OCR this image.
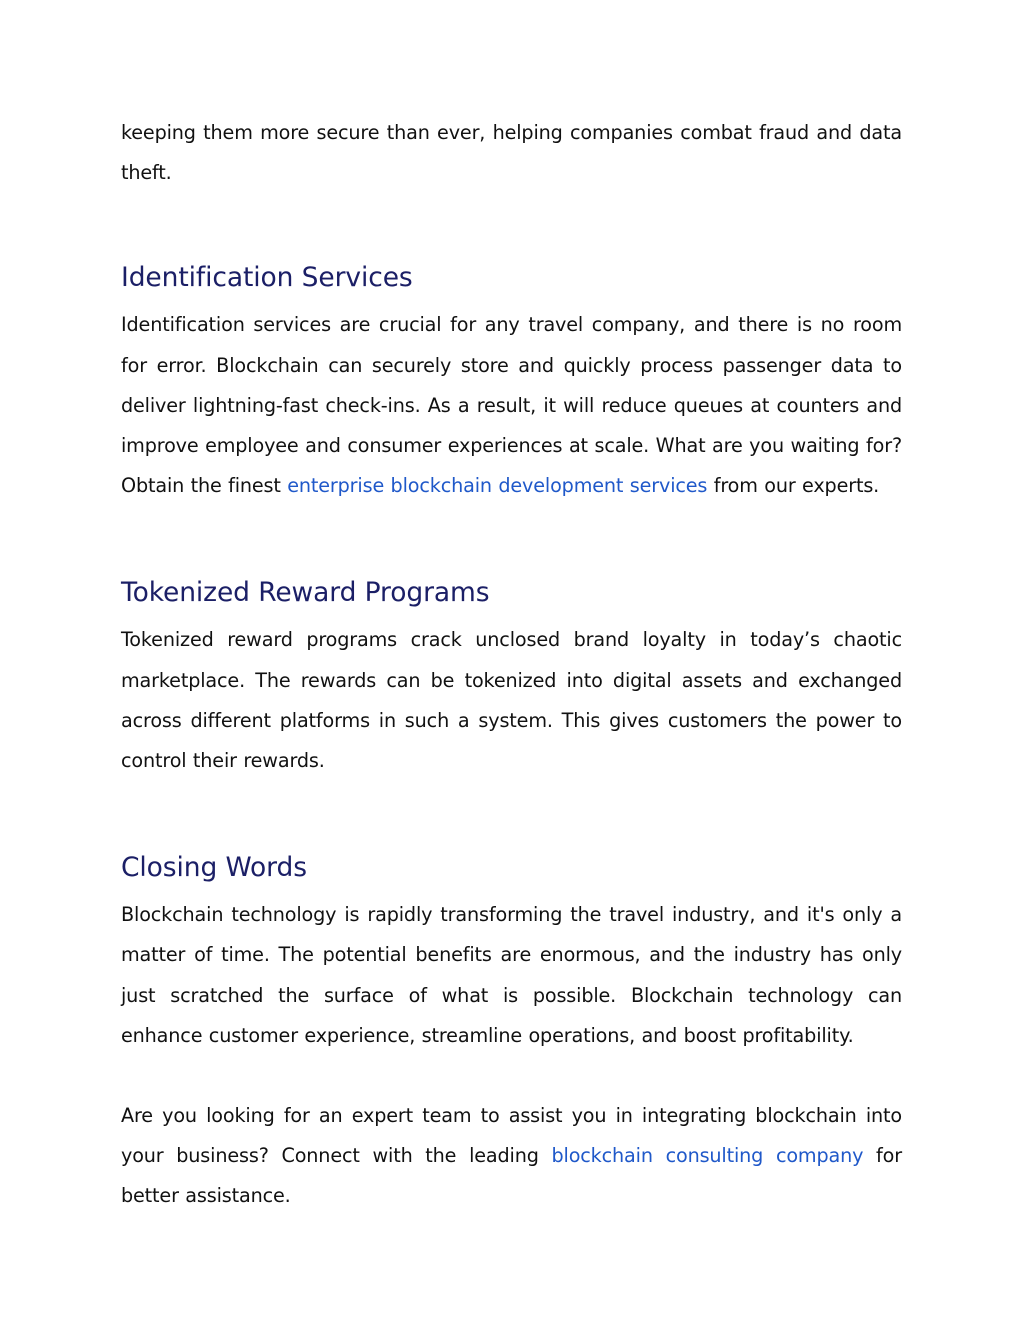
keeping them more secure than ever, helping companies combat fraud and data theft.

Identification Services

Identification services are crucial for any travel company, and there is no room for error. Blockchain can securely store and quickly process passenger data to deliver lightning-fast check-ins. As a result, it will reduce queues at counters and improve employee and consumer experiences at scale. What are you waiting for? Obtain the finest enterprise blockchain development services from our experts.

Tokenized Reward Programs

Tokenized reward programs crack unclosed brand loyalty in today’s chaotic marketplace. The rewards can be tokenized into digital assets and exchanged across different platforms in such a system. This gives customers the power to control their rewards.

Closing Words

Blockchain technology is rapidly transforming the travel industry, and it's only a matter of time. The potential benefits are enormous, and the industry has only just scratched the surface of what is possible. Blockchain technology can enhance customer experience, streamline operations, and boost profitability.

Are you looking for an expert team to assist you in integrating blockchain into your business? Connect with the leading blockchain consulting company for better assistance.
